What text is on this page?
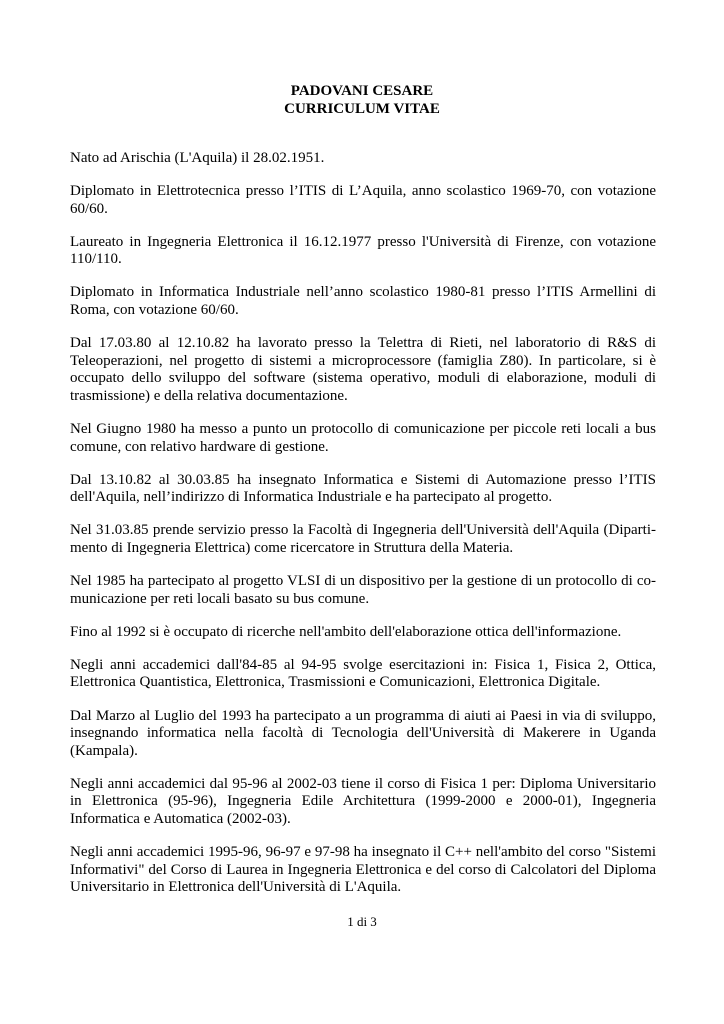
PADOVANI CESARE
CURRICULUM VITAE

Nato ad Arischia (L'Aquila) il 28.02.1951.

Diplomato in Elettrotecnica presso l’ITIS di L’Aquila, anno scolastico 1969-70, con votazione 60/60.

Laureato in Ingegneria Elettronica il 16.12.1977 presso l'Università di Firenze, con votazione 110/110.

Diplomato in Informatica Industriale nell’anno scolastico 1980-81 presso l’ITIS Armellini di Roma, con votazione 60/60.

Dal 17.03.80 al 12.10.82 ha lavorato presso la Telettra di Rieti, nel laboratorio di R&S di Teleoperazioni, nel progetto di sistemi a microprocessore (famiglia Z80). In particolare, si è occupato dello sviluppo del software (sistema operativo, moduli di elaborazione, moduli di trasmissione) e della relativa documentazione.

Nel Giugno 1980 ha messo a punto un protocollo di comunicazione per piccole reti locali a bus comune, con relativo hardware di gestione.

Dal 13.10.82 al 30.03.85 ha insegnato Informatica e Sistemi di Automazione presso l’ITIS dell'Aquila, nell’indirizzo di Informatica Industriale e ha partecipato al progetto.

Nel 31.03.85 prende servizio presso la Facoltà di Ingegneria dell'Università dell'Aquila (Dipartimento di Ingegneria Elettrica) come ricercatore in Struttura della Materia.

Nel 1985 ha partecipato al progetto VLSI di un dispositivo per la gestione di un protocollo di comunicazione per reti locali basato su bus comune.

Fino al 1992 si è occupato di ricerche nell'ambito dell'elaborazione ottica dell'informazione.

Negli anni accademici dall'84-85 al 94-95 svolge esercitazioni in: Fisica 1, Fisica 2, Ottica, Elettronica Quantistica, Elettronica, Trasmissioni e Comunicazioni, Elettronica Digitale.

Dal Marzo al Luglio del 1993 ha partecipato a un programma di aiuti ai Paesi in via di sviluppo, insegnando informatica nella facoltà di Tecnologia dell'Università di Makerere in Uganda (Kampala).

Negli anni accademici dal 95-96 al 2002-03 tiene il corso di Fisica 1 per: Diploma Universitario in Elettronica (95-96), Ingegneria Edile Architettura (1999-2000 e 2000-01), Ingegneria Informatica e Automatica (2002-03).

Negli anni accademici 1995-96, 96-97 e 97-98 ha insegnato il C++ nell'ambito del corso "Sistemi Informativi" del Corso di Laurea in Ingegneria Elettronica e del corso di Calcolatori del Diploma Universitario in Elettronica dell'Università di L'Aquila.

1 di 3
